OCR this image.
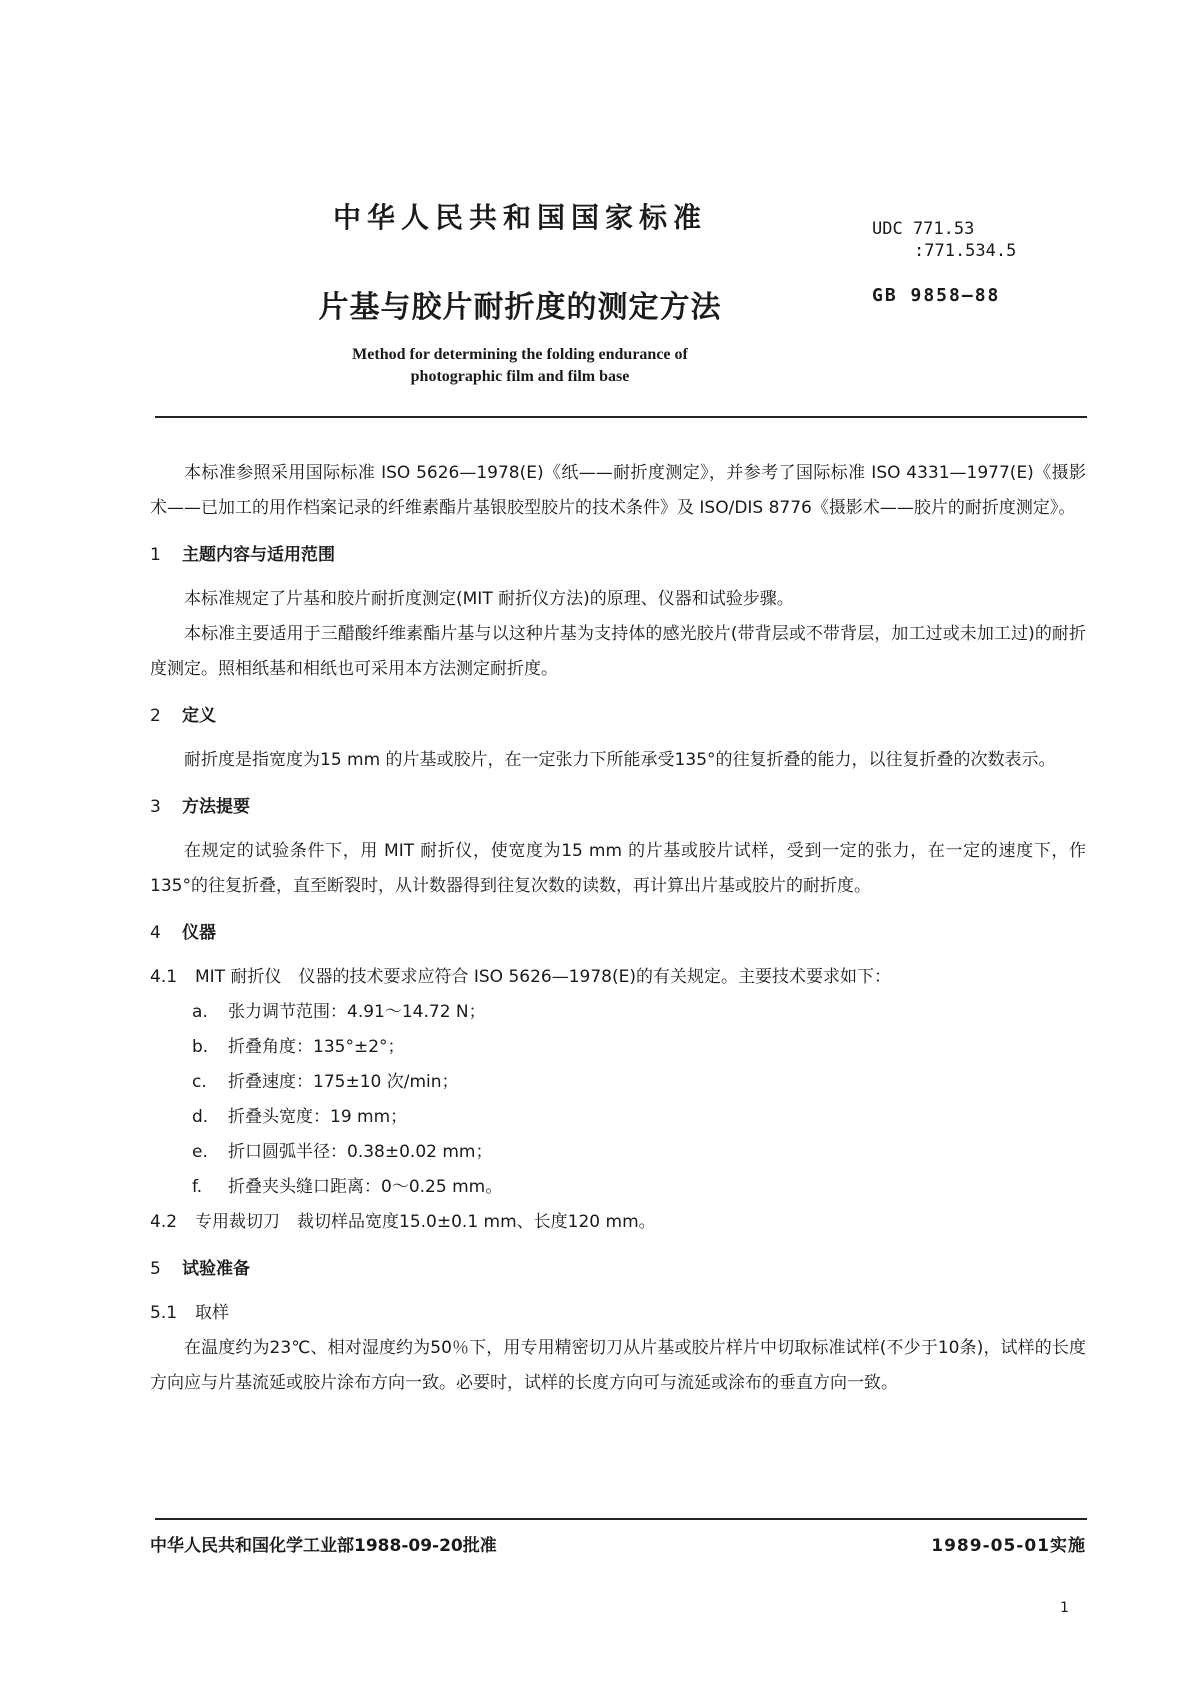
中华人民共和国国家标准	UDC 771.53
:771.534.5
片基与胶片耐折度的测定方法	GB 9858—88
Method for determining the folding endurance of
photographic film and film base

本标准参照采用国际标准 ISO 5626—1978(E)《纸——耐折度测定》，并参考了国际标准 ISO 4331—1977(E)《摄影术——已加工的用作档案记录的纤维素酯片基银胶型胶片的技术条件》及 ISO/DIS 8776《摄影术——胶片的耐折度测定》。

1 主题内容与适用范围

本标准规定了片基和胶片耐折度测定(MIT 耐折仪方法)的原理、仪器和试验步骤。

本标准主要适用于三醋酸纤维素酯片基与以这种片基为支持体的感光胶片(带背层或不带背层，加工过或未加工过)的耐折度测定。照相纸基和相纸也可采用本方法测定耐折度。

2 定义

耐折度是指宽度为15 mm 的片基或胶片，在一定张力下所能承受135°的往复折叠的能力，以往复折叠的次数表示。

3 方法提要

在规定的试验条件下，用 MIT 耐折仪，使宽度为15 mm 的片基或胶片试样，受到一定的张力，在一定的速度下，作135°的往复折叠，直至断裂时，从计数器得到往复次数的读数，再计算出片基或胶片的耐折度。

4 仪器

4.1 MIT 耐折仪　仪器的技术要求应符合 ISO 5626—1978(E)的有关规定。主要技术要求如下：

a. 张力调节范围：4.91～14.72 N；

b. 折叠角度：135°±2°；

c. 折叠速度：175±10 次/min；

d. 折叠头宽度：19 mm；

e. 折口圆弧半径：0.38±0.02 mm；

f. 折叠夹头缝口距离：0～0.25 mm。

4.2 专用裁切刀　裁切样品宽度15.0±0.1 mm、长度120 mm。

5 试验准备

5.1 取样

在温度约为23℃、相对湿度约为50％下，用专用精密切刀从片基或胶片样片中切取标准试样(不少于10条)，试样的长度方向应与片基流延或胶片涂布方向一致。必要时，试样的长度方向可与流延或涂布的垂直方向一致。

中华人民共和国化学工业部1988-09-20批准	1989-05-01实施
1
